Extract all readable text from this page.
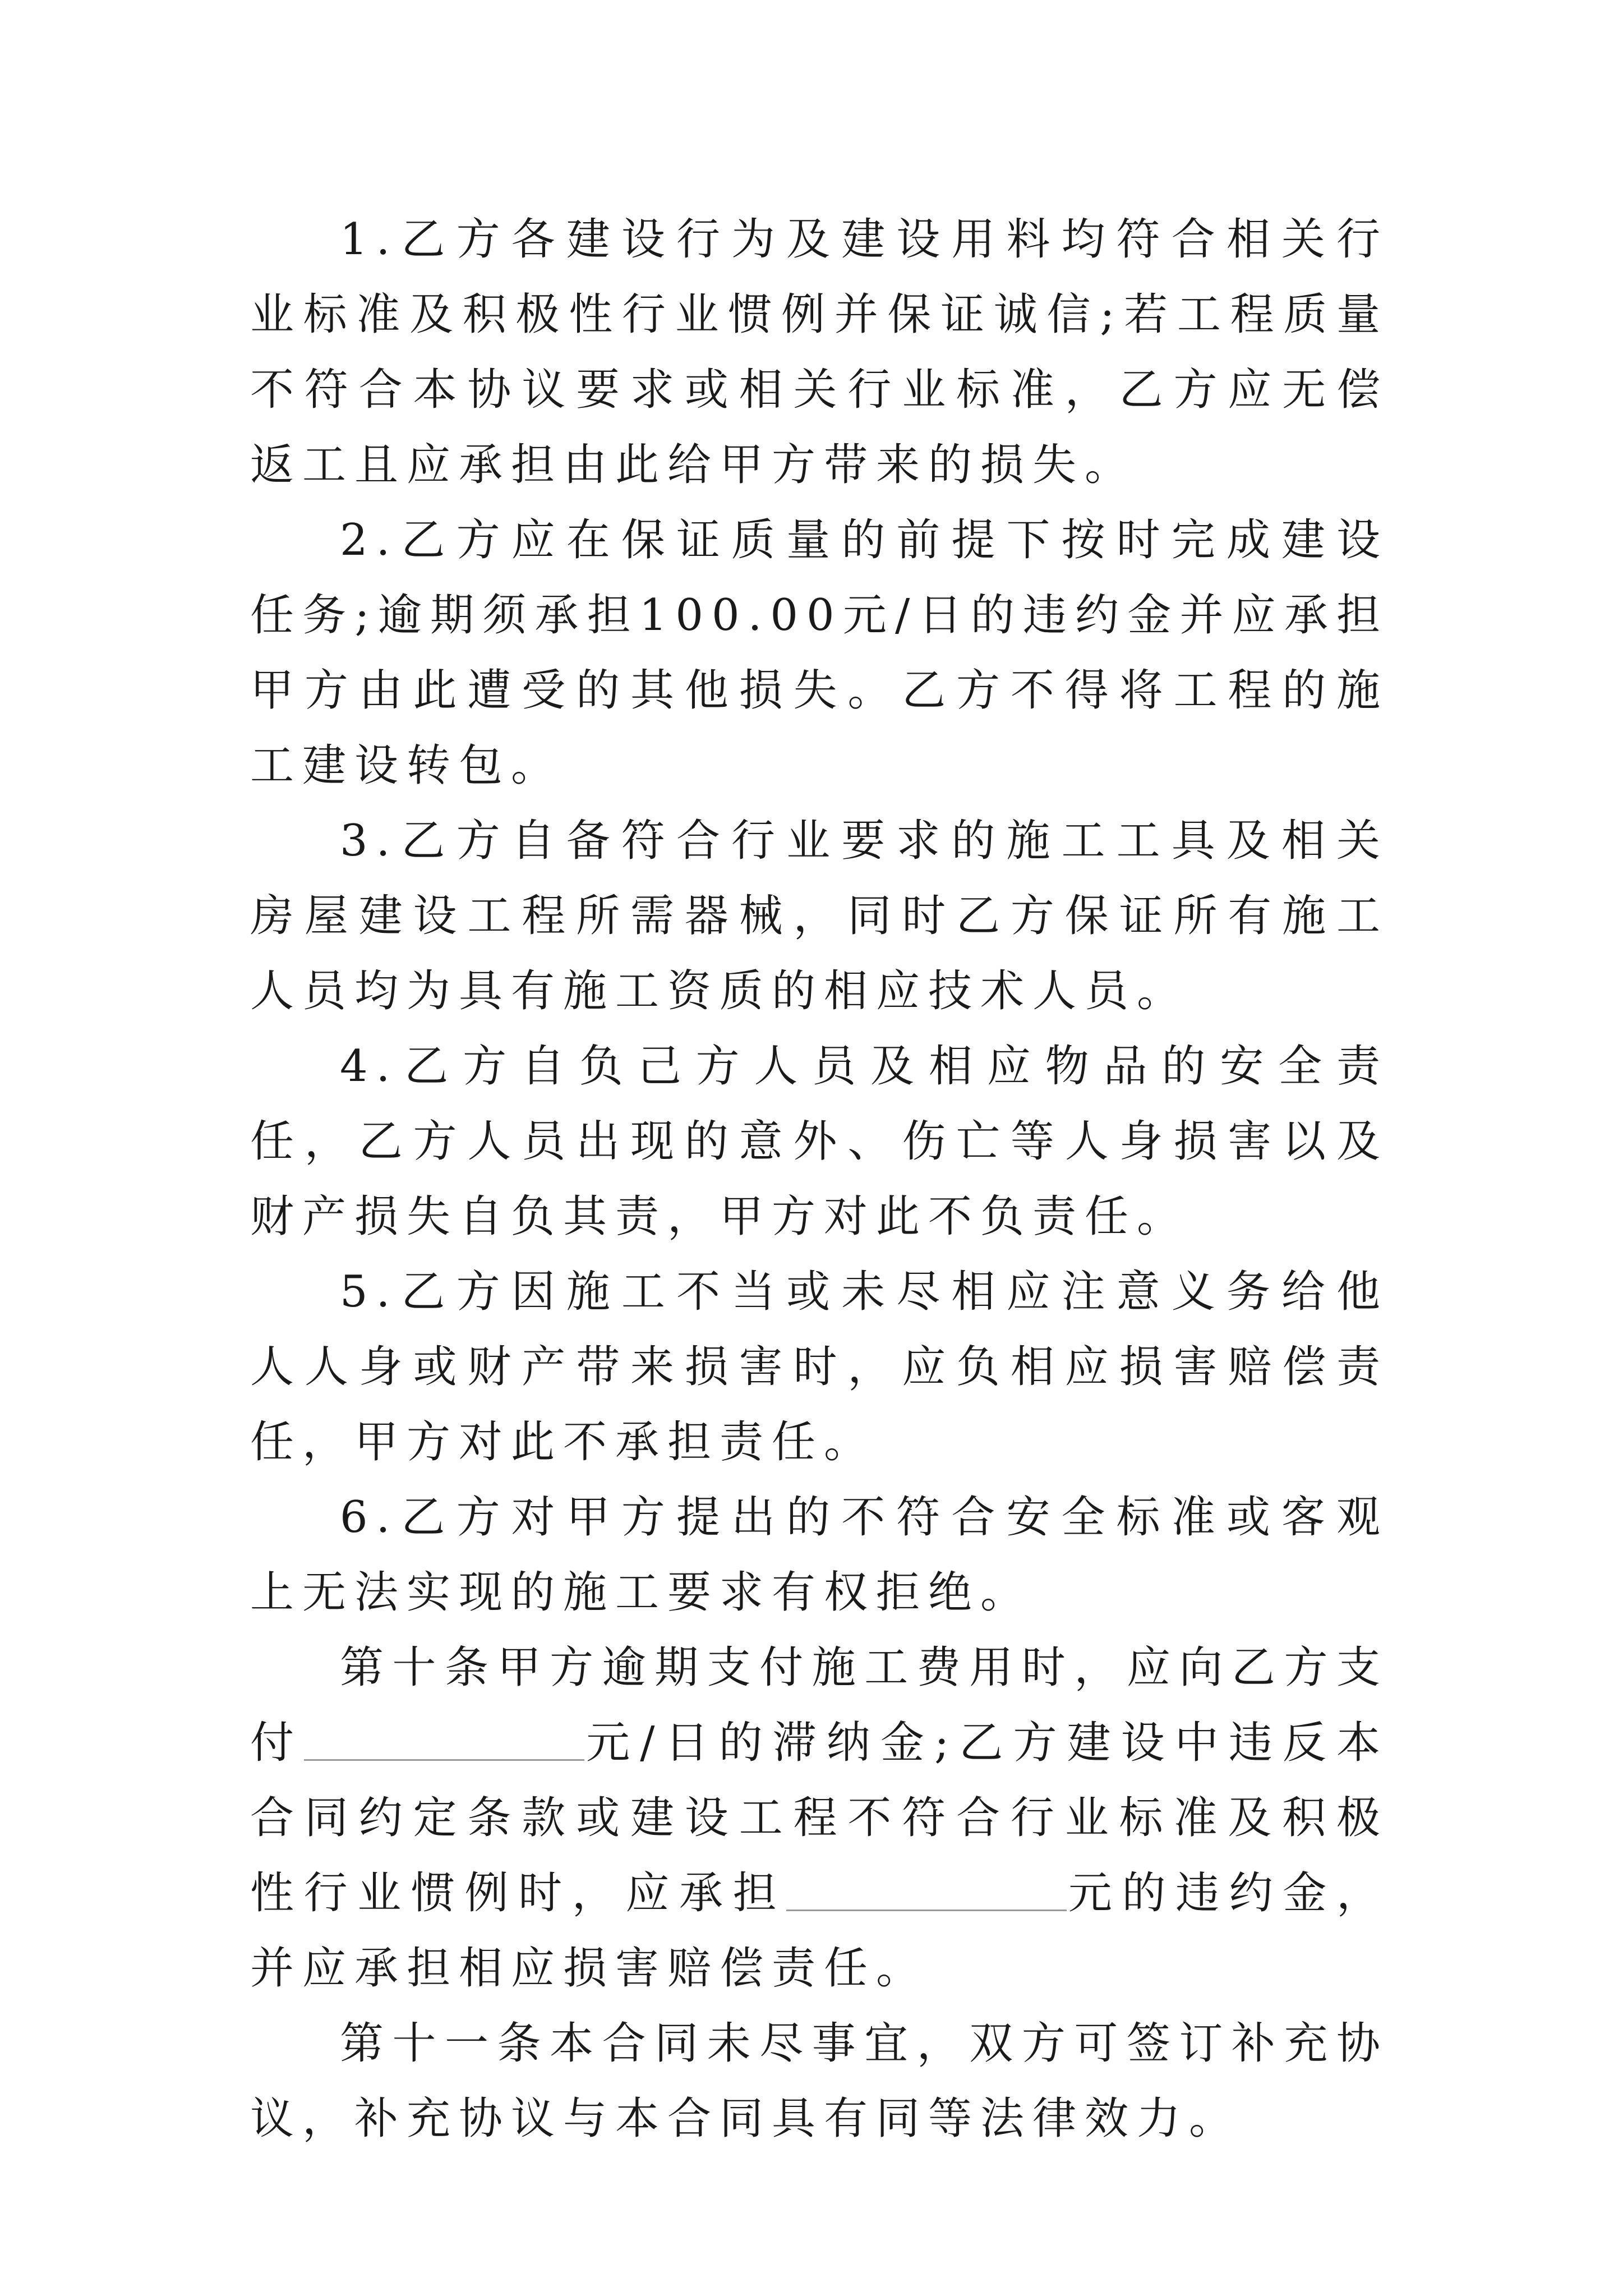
1.乙方各建设行为及建设用料均符合相关行业标准及积极性行业惯例并保证诚信;若工程质量不符合本协议要求或相关行业标准，乙方应无偿返工且应承担由此给甲方带来的损失。

2.乙方应在保证质量的前提下按时完成建设任务;逾期须承担100.00元/日的违约金并应承担甲方由此遭受的其他损失。乙方不得将工程的施工建设转包。

3.乙方自备符合行业要求的施工工具及相关房屋建设工程所需器械，同时乙方保证所有施工人员均为具有施工资质的相应技术人员。

4.乙方自负己方人员及相应物品的安全责任，乙方人员出现的意外、伤亡等人身损害以及财产损失自负其责，甲方对此不负责任。

5.乙方因施工不当或未尽相应注意义务给他人人身或财产带来损害时，应负相应损害赔偿责任，甲方对此不承担责任。

6.乙方对甲方提出的不符合安全标准或客观上无法实现的施工要求有权拒绝。

第十条甲方逾期支付施工费用时，应向乙方支付	元/日的滞纳金;乙方建设中违反本合同约定条款或建设工程不符合行业标准及积极性行业惯例时，应承担	元的违约金，并应承担相应损害赔偿责任。

第十一条本合同未尽事宜，双方可签订补充协议，补充协议与本合同具有同等法律效力。
